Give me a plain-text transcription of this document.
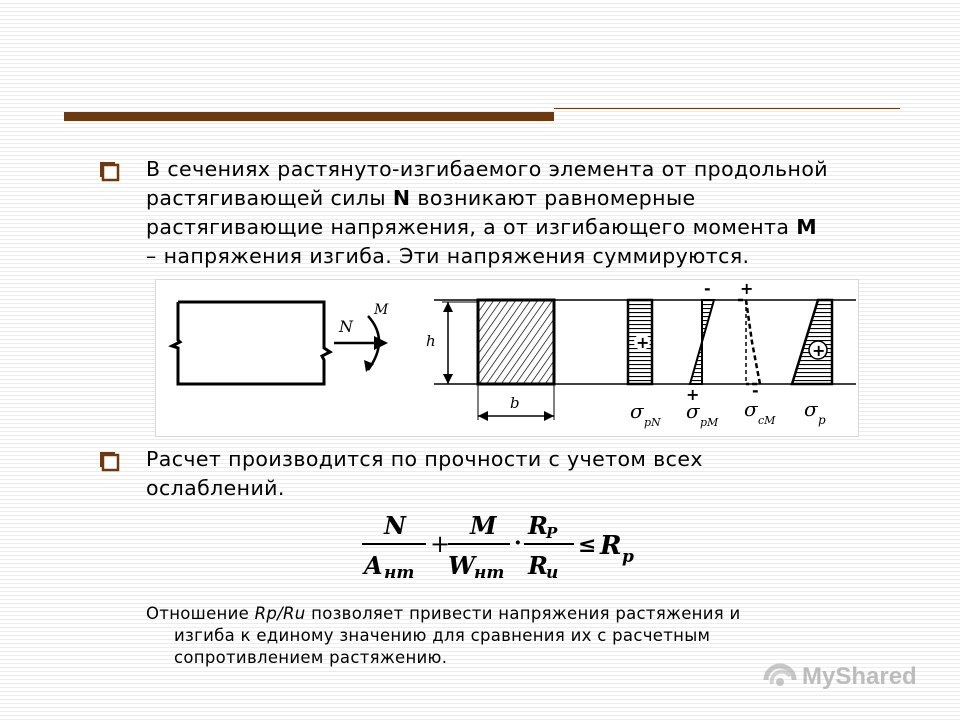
В сечениях растянуто-изгибаемого элемента от продольной
растягивающей силы N возникают равномерные
растягивающие напряжения, а от изгибающего момента M
– напряжения изгиба. Эти напряжения суммируются.
N
M
h
b
+
-
+
+
-
+
σ pN σ pМ
σ cМ σ p
Расчет производится по прочности с учетом всех
ослаблений.
N
A нт
+
M
W нт
·
R
P
R
и
≤ R p
Отношение Rp/Ru позволяет привести напряжения растяжения и
изгиба к единому значению для сравнения их с расчетным
сопротивлением растяжению.
MyShared
